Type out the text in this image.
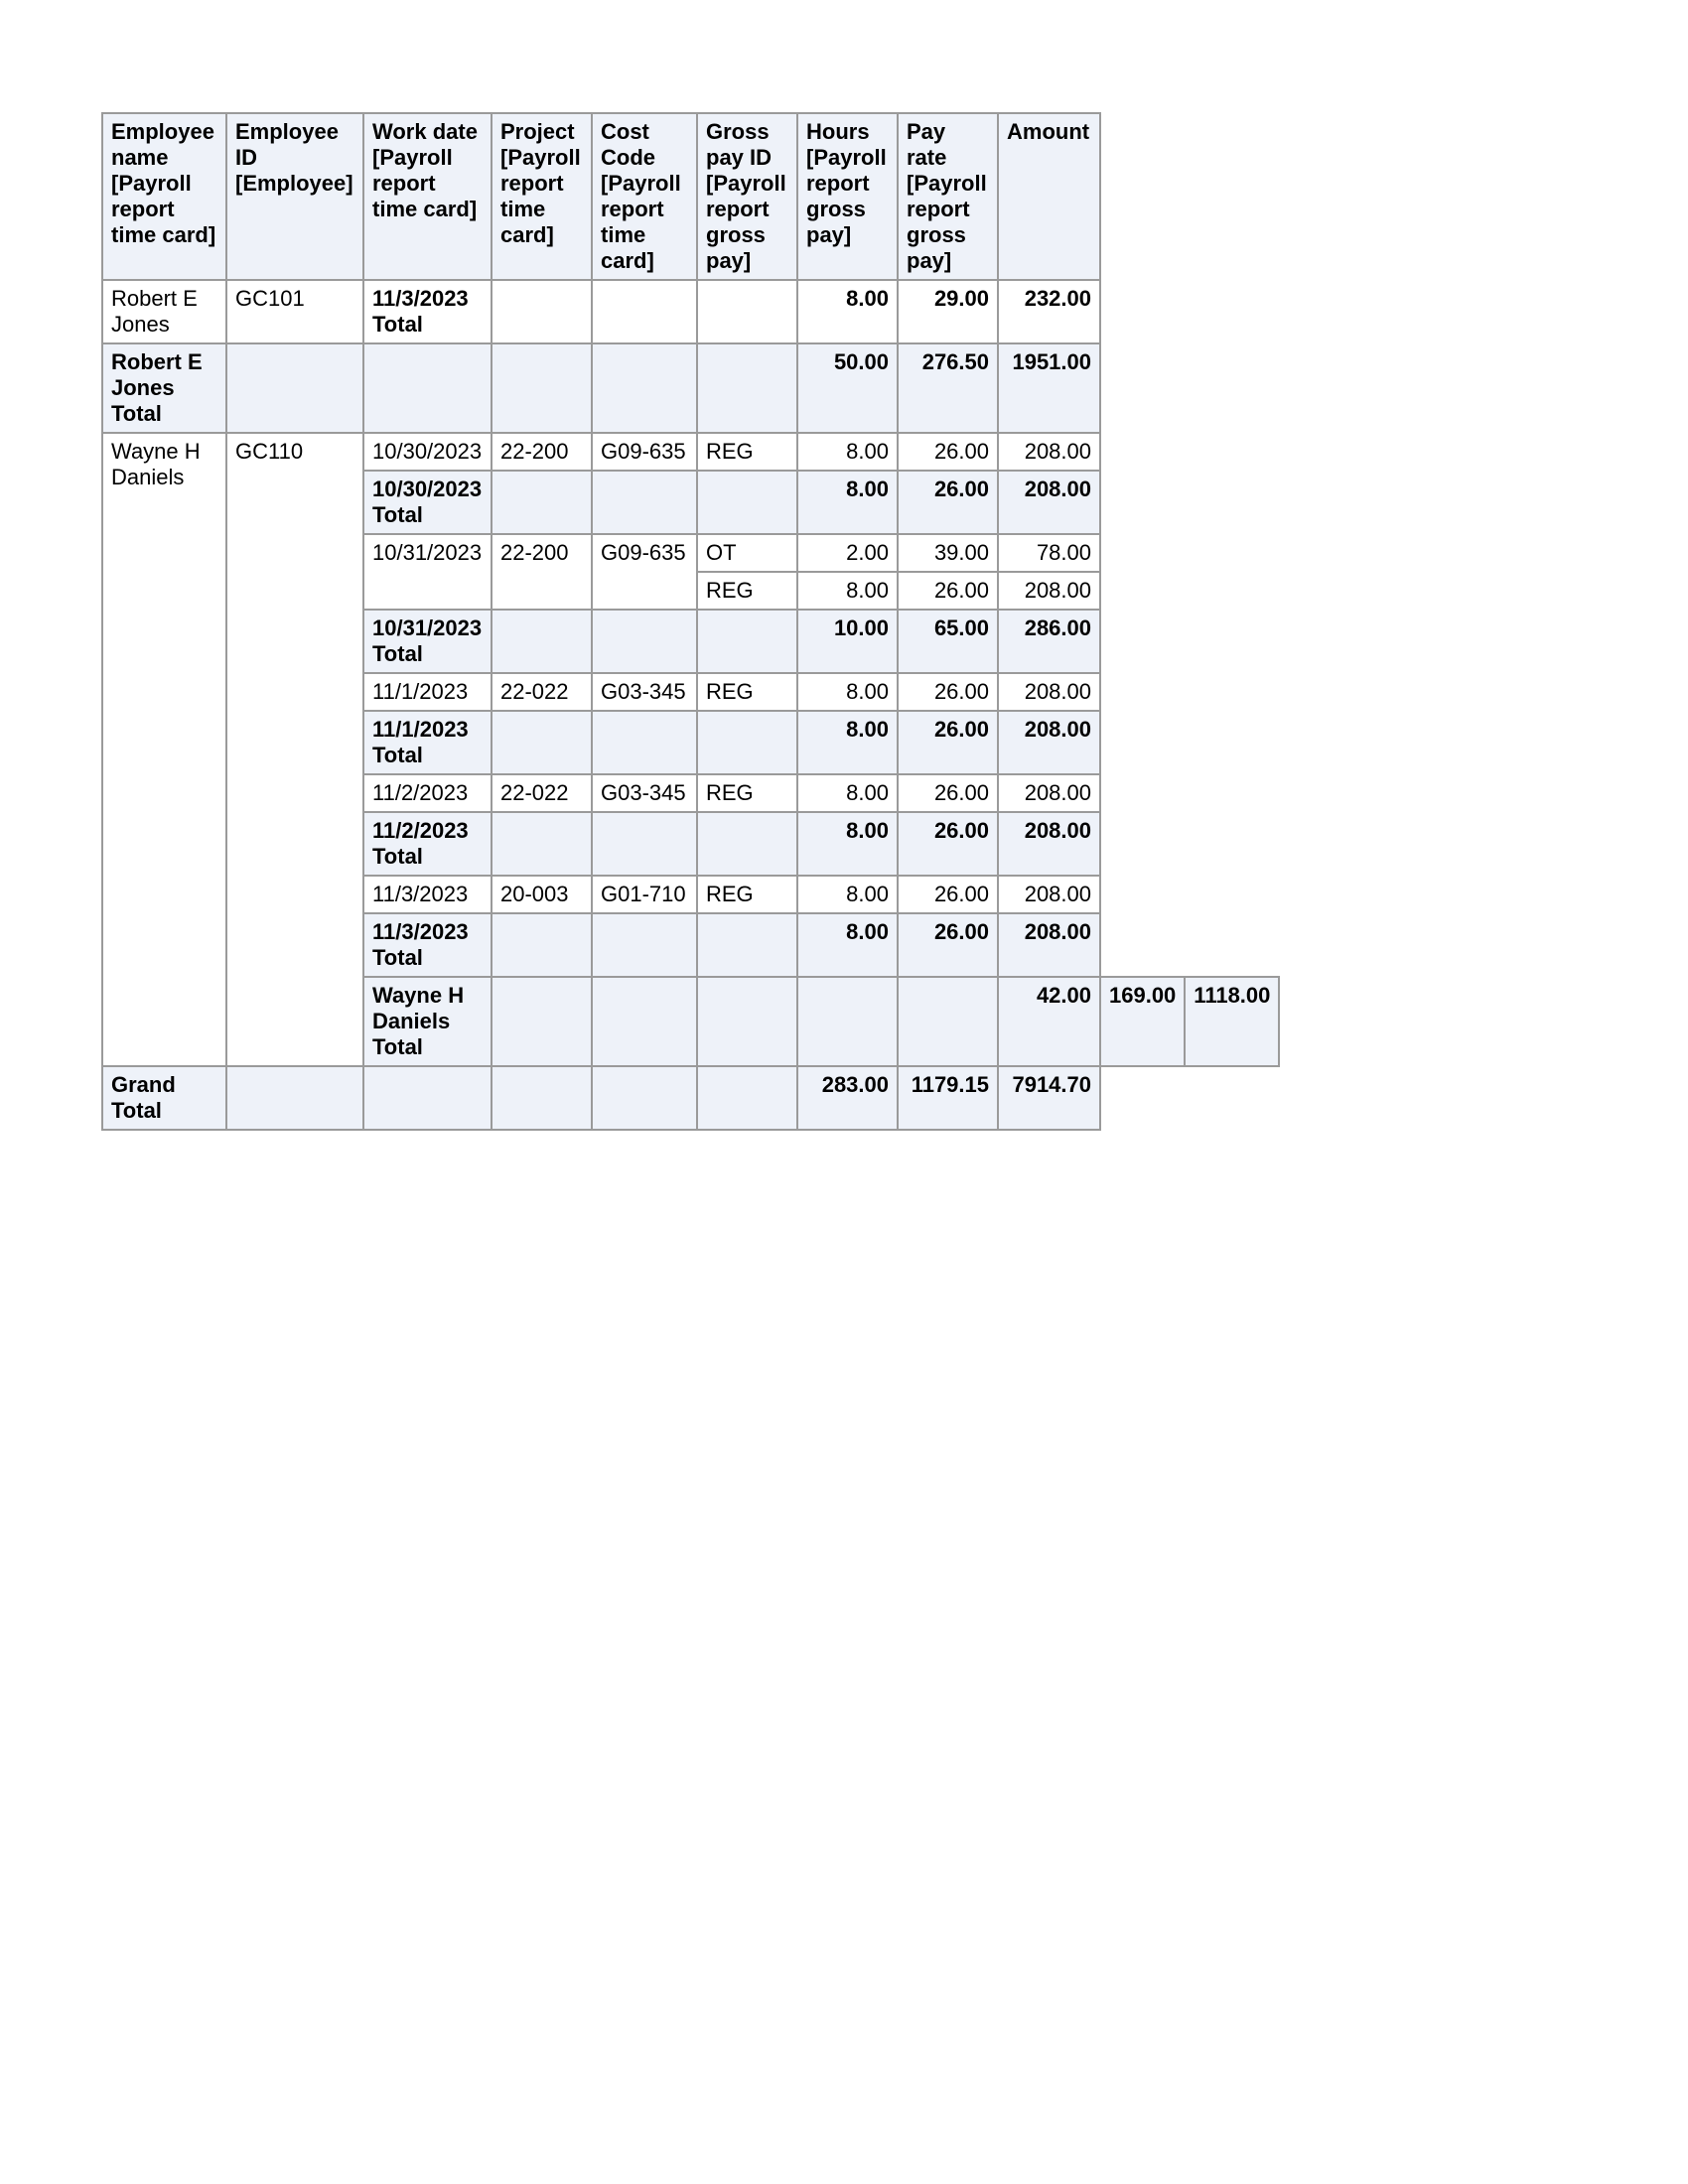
Employee name [Payroll report time card]	Employee ID [Employee]	Work date [Payroll report time card]	Project [Payroll report time card]	Cost Code [Payroll report time card]	Gross pay ID [Payroll report gross pay]	Hours [Payroll report gross pay]	Pay rate [Payroll report gross pay]	Amount		
Robert E Jones	GC101	11/3/2023 Total				8.00	29.00	232.00		
Robert E Jones Total						50.00	276.50	1951.00		
Wayne H Daniels	GC110	10/30/2023	22-200	G09-635	REG	8.00	26.00	208.00		
		10/30/2023 Total				8.00	26.00	208.00		
		10/31/2023	22-200	G09-635	OT	2.00	39.00	78.00		
					REG	8.00	26.00	208.00		
		10/31/2023 Total				10.00	65.00	286.00		
		11/1/2023	22-022	G03-345	REG	8.00	26.00	208.00		
		11/1/2023 Total				8.00	26.00	208.00		
		11/2/2023	22-022	G03-345	REG	8.00	26.00	208.00		
		11/2/2023 Total				8.00	26.00	208.00		
		11/3/2023	20-003	G01-710	REG	8.00	26.00	208.00		
		11/3/2023 Total				8.00	26.00	208.00		
		Wayne H Daniels Total						42.00	169.00	1118.00
Grand Total						283.00	1179.15	7914.70		
